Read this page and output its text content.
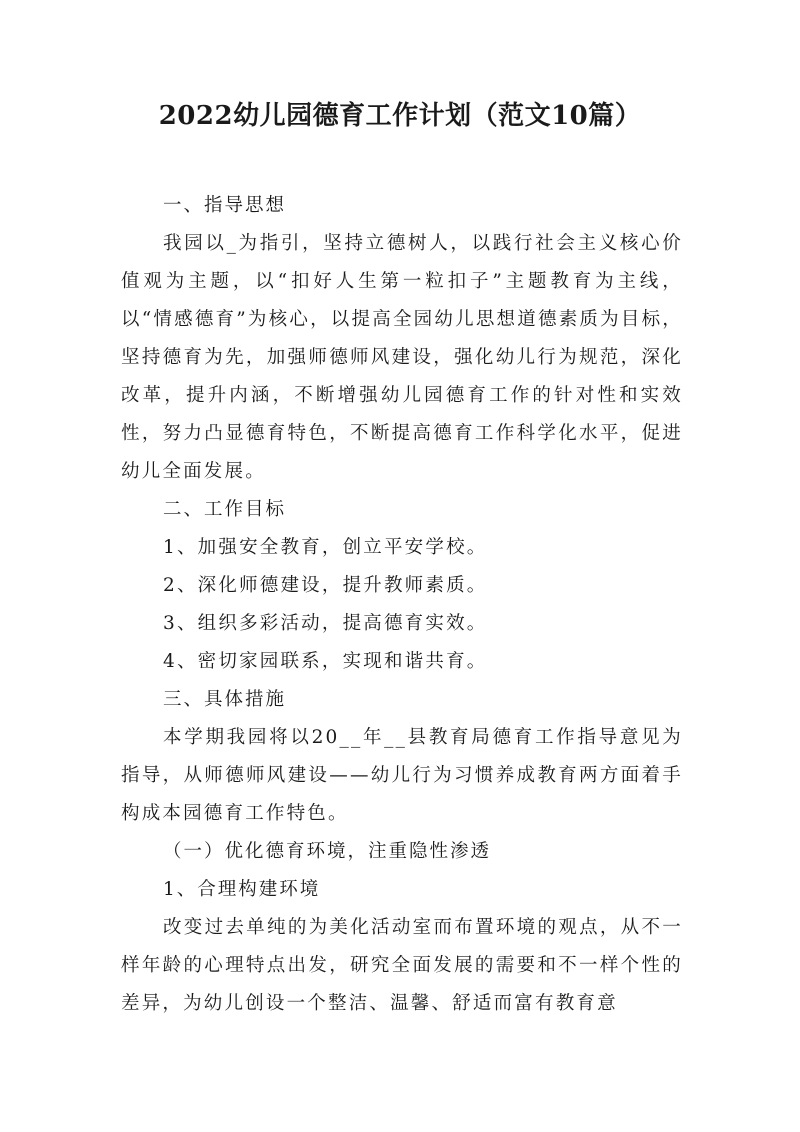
2022幼儿园德育工作计划（范文10篇）

一、指导思想

我园以_为指引，坚持立德树人，以践行社会主义核心价值观为主题，以“扣好人生第一粒扣子”主题教育为主线，以“情感德育”为核心，以提高全园幼儿思想道德素质为目标，坚持德育为先，加强师德师风建设，强化幼儿行为规范，深化改革，提升内涵，不断增强幼儿园德育工作的针对性和实效性，努力凸显德育特色，不断提高德育工作科学化水平，促进幼儿全面发展。

二、工作目标

1、加强安全教育，创立平安学校。

2、深化师德建设，提升教师素质。

3、组织多彩活动，提高德育实效。

4、密切家园联系，实现和谐共育。

三、具体措施

本学期我园将以20__年__县教育局德育工作指导意见为指导，从师德师风建设——幼儿行为习惯养成教育两方面着手构成本园德育工作特色。

（一）优化德育环境，注重隐性渗透

1、合理构建环境

改变过去单纯的为美化活动室而布置环境的观点，从不一样年龄的心理特点出发，研究全面发展的需要和不一样个性的差异，为幼儿创设一个整洁、温馨、舒适而富有教育意
